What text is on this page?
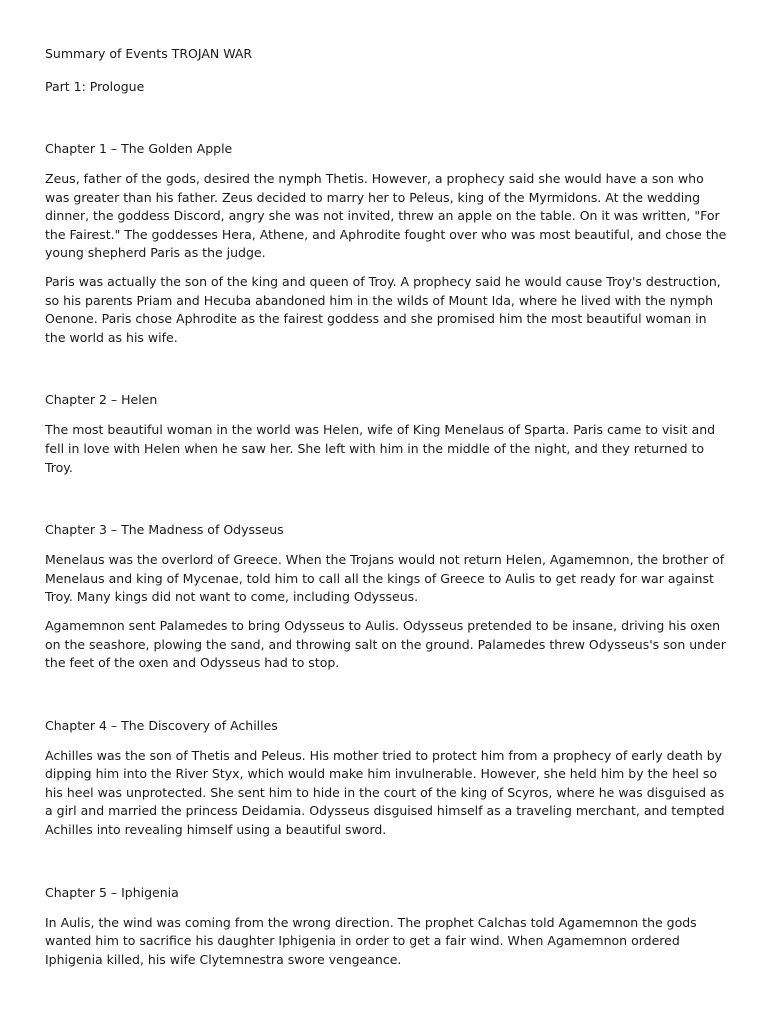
Summary of Events TROJAN WAR

Part 1: Prologue

Chapter 1 – The Golden Apple

Zeus, father of the gods, desired the nymph Thetis. However, a prophecy said she would have a son who was greater than his father. Zeus decided to marry her to Peleus, king of the Myrmidons. At the wedding dinner, the goddess Discord, angry she was not invited, threw an apple on the table. On it was written, "For the Fairest." The goddesses Hera, Athene, and Aphrodite fought over who was most beautiful, and chose the young shepherd Paris as the judge.

Paris was actually the son of the king and queen of Troy. A prophecy said he would cause Troy's destruction, so his parents Priam and Hecuba abandoned him in the wilds of Mount Ida, where he lived with the nymph Oenone. Paris chose Aphrodite as the fairest goddess and she promised him the most beautiful woman in the world as his wife.

Chapter 2 – Helen

The most beautiful woman in the world was Helen, wife of King Menelaus of Sparta. Paris came to visit and fell in love with Helen when he saw her. She left with him in the middle of the night, and they returned to Troy.

Chapter 3 – The Madness of Odysseus

Menelaus was the overlord of Greece. When the Trojans would not return Helen, Agamemnon, the brother of Menelaus and king of Mycenae, told him to call all the kings of Greece to Aulis to get ready for war against Troy. Many kings did not want to come, including Odysseus.

Agamemnon sent Palamedes to bring Odysseus to Aulis. Odysseus pretended to be insane, driving his oxen on the seashore, plowing the sand, and throwing salt on the ground. Palamedes threw Odysseus's son under the feet of the oxen and Odysseus had to stop.

Chapter 4 – The Discovery of Achilles

Achilles was the son of Thetis and Peleus. His mother tried to protect him from a prophecy of early death by dipping him into the River Styx, which would make him invulnerable. However, she held him by the heel so his heel was unprotected. She sent him to hide in the court of the king of Scyros, where he was disguised as a girl and married the princess Deidamia. Odysseus disguised himself as a traveling merchant, and tempted Achilles into revealing himself using a beautiful sword.

Chapter 5 – Iphigenia

In Aulis, the wind was coming from the wrong direction. The prophet Calchas told Agamemnon the gods wanted him to sacrifice his daughter Iphigenia in order to get a fair wind. When Agamemnon ordered Iphigenia killed, his wife Clytemnestra swore vengeance.
